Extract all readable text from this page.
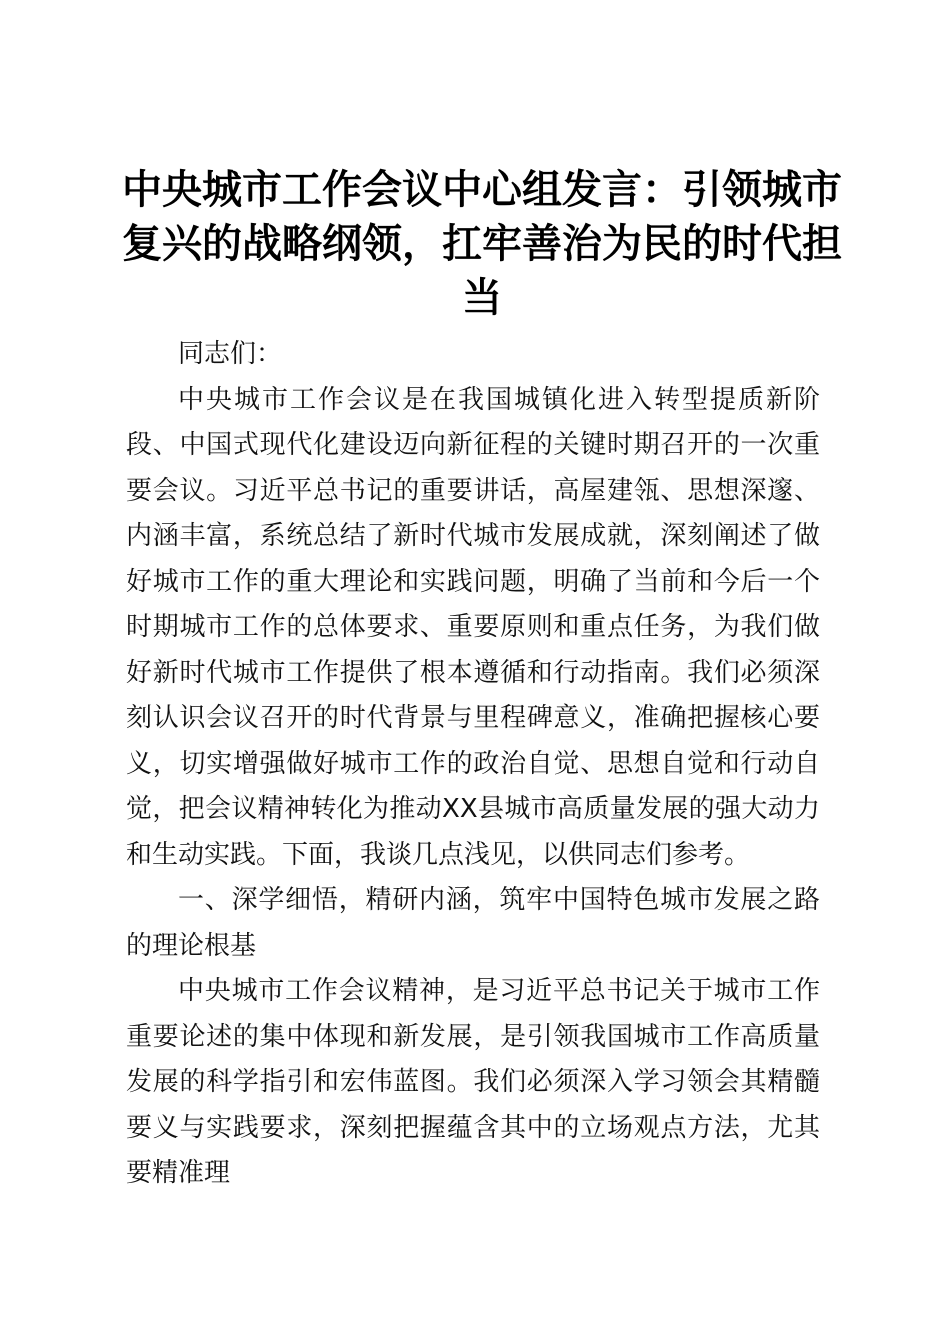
中央城市工作会议中心组发言：引领城市复兴的战略纲领，扛牢善治为民的时代担当

同志们：

中央城市工作会议是在我国城镇化进入转型提质新阶段、中国式现代化建设迈向新征程的关键时期召开的一次重要会议。习近平总书记的重要讲话，高屋建瓴、思想深邃、内涵丰富，系统总结了新时代城市发展成就，深刻阐述了做好城市工作的重大理论和实践问题，明确了当前和今后一个时期城市工作的总体要求、重要原则和重点任务，为我们做好新时代城市工作提供了根本遵循和行动指南。我们必须深刻认识会议召开的时代背景与里程碑意义，准确把握核心要义，切实增强做好城市工作的政治自觉、思想自觉和行动自觉，把会议精神转化为推动XX县城市高质量发展的强大动力和生动实践。下面，我谈几点浅见，以供同志们参考。

一、深学细悟，精研内涵，筑牢中国特色城市发展之路的理论根基

中央城市工作会议精神，是习近平总书记关于城市工作重要论述的集中体现和新发展，是引领我国城市工作高质量发展的科学指引和宏伟蓝图。我们必须深入学习领会其精髓要义与实践要求，深刻把握蕴含其中的立场观点方法，尤其要精准理
